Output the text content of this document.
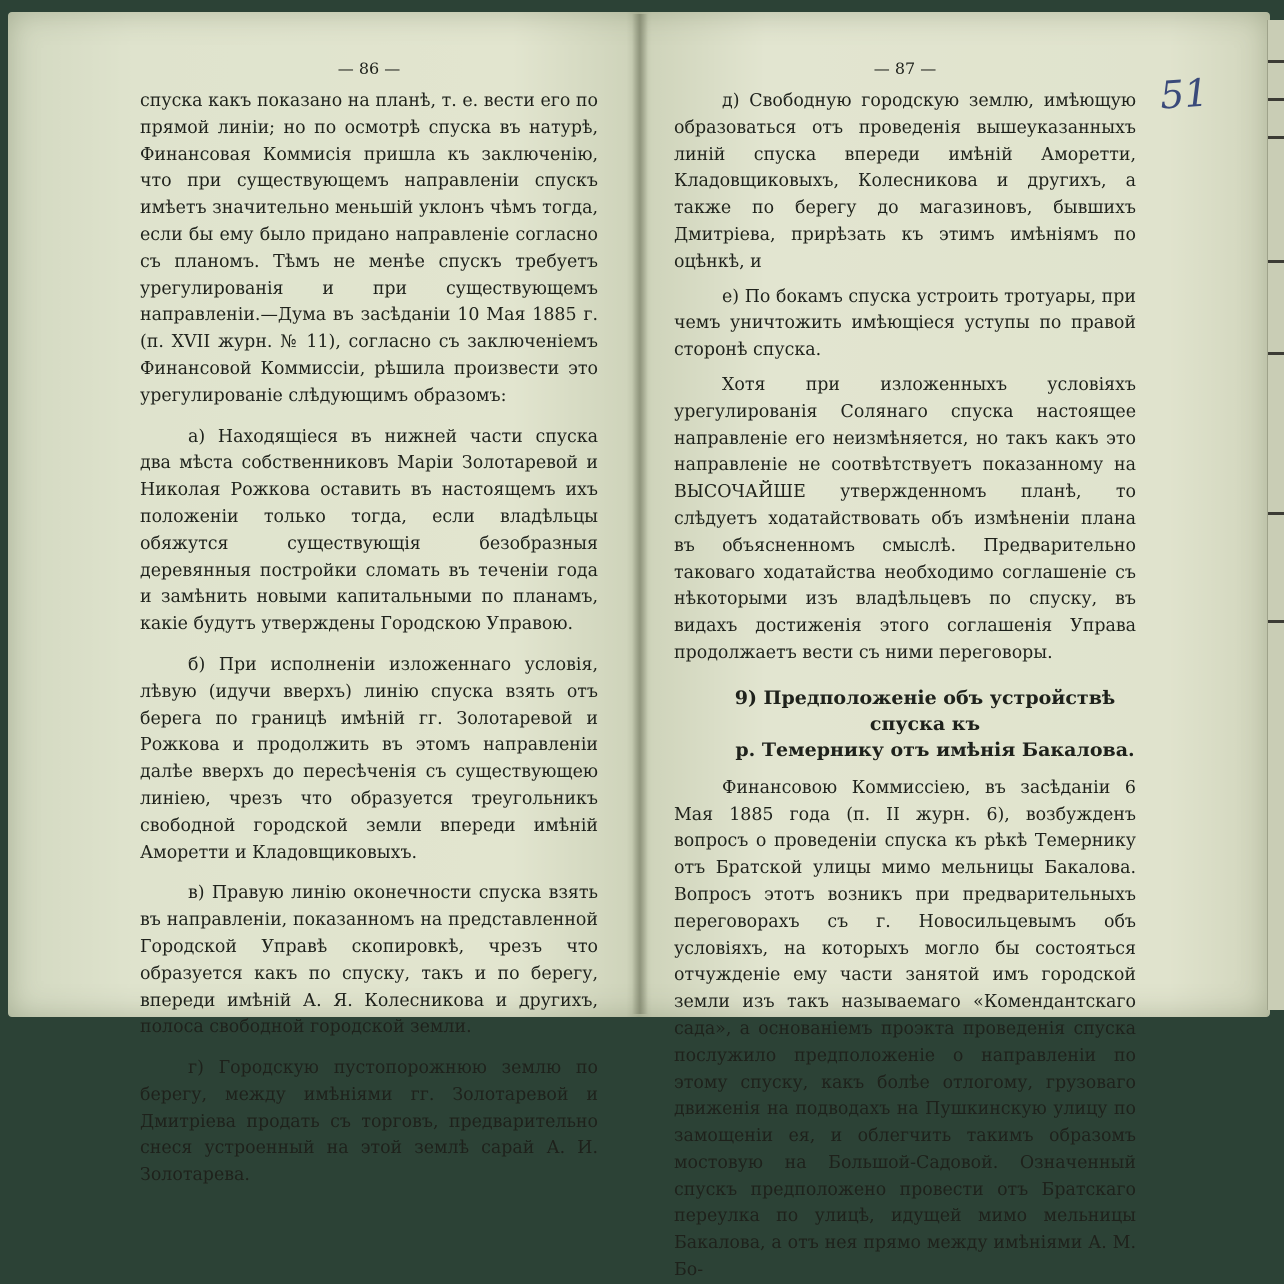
51
— 86 —

спуска какъ показано на планѣ, т. е. вести его по прямой линіи; но по осмотрѣ спуска въ натурѣ, Финансовая Коммисія пришла къ заключенію, что при существующемъ направленіи спускъ имѣетъ значительно меньшій уклонъ чѣмъ тогда, если бы ему было придано направленіе согласно съ планомъ. Тѣмъ не менѣе спускъ требуетъ урегулированія и при существующемъ направленіи.—Дума въ засѣданіи 10 Мая 1885 г. (п. XVII журн. № 11), согласно съ заключеніемъ Финансовой Коммиссіи, рѣшила произвести это урегулированіе слѣдующимъ образомъ:

а) Находящіеся въ нижней части спуска два мѣста собственниковъ Маріи Золотаревой и Николая Рожкова оставить въ настоящемъ ихъ положеніи только тогда, если владѣльцы обяжутся существующія безобразныя деревянныя постройки сломать въ теченіи года и замѣнить новыми капитальными по планамъ, какіе будутъ утверждены Городскою Управою.

б) При исполненіи изложеннаго условія, лѣвую (идучи вверхъ) линію спуска взять отъ берега по границѣ имѣній гг. Золотаревой и Рожкова и продолжить въ этомъ направленіи далѣе вверхъ до пересѣченія съ существующею линіею, чрезъ что образуется треугольникъ свободной городской земли впереди имѣній Аморетти и Кладовщиковыхъ.

в) Правую линію оконечности спуска взять въ направленіи, показанномъ на представленной Городской Управѣ скопировкѣ, чрезъ что образуется какъ по спуску, такъ и по берегу, впереди имѣній А. Я. Колесникова и другихъ, полоса свободной городской земли.

г) Городскую пустопорожнюю землю по берегу, между имѣніями гг. Золотаревой и Дмитріева продать съ торговъ, предварительно снеся устроенный на этой землѣ сарай А. И. Золотарева.

— 87 —

д) Свободную городскую землю, имѣющую образоваться отъ проведенія вышеуказанныхъ линій спуска впереди имѣній Аморетти, Кладовщиковыхъ, Колесникова и другихъ, а также по берегу до магазиновъ, бывшихъ Дмитріева, прирѣзать къ этимъ имѣніямъ по оцѣнкѣ, и

е) По бокамъ спуска устроить тротуары, при чемъ уничтожить имѣющіеся уступы по правой сторонѣ спуска.

Хотя при изложенныхъ условіяхъ урегулированія Солянаго спуска настоящее направленіе его неизмѣняется, но такъ какъ это направленіе не соотвѣтствуетъ показанному на ВЫСОЧАЙШЕ утвержденномъ планѣ, то слѣдуетъ ходатайствовать объ измѣненіи плана въ объясненномъ смыслѣ. Предварительно таковаго ходатайства необходимо соглашеніе съ нѣкоторыми изъ владѣльцевъ по спуску, въ видахъ достиженія этого соглашенія Управа продолжаетъ вести съ ними переговоры.

9) Предположеніе объ устройствѣ спуска къ

р. Темернику отъ имѣнія Бакалова.

Финансовою Коммиссіею, въ засѣданіи 6 Мая 1885 года (п. II журн. 6), возбужденъ вопросъ о проведеніи спуска къ рѣкѣ Темернику отъ Братской улицы мимо мельницы Бакалова. Вопросъ этотъ возникъ при предварительныхъ переговорахъ съ г. Новосильцевымъ объ условіяхъ, на которыхъ могло бы состояться отчужденіе ему части занятой имъ городской земли изъ такъ называемаго «Комендантскаго сада», а основаніемъ проэкта проведенія спуска послужило предположеніе о направленіи по этому спуску, какъ болѣе отлогому, грузоваго движенія на подводахъ на Пушкинскую улицу по замощеніи ея, и облегчить такимъ образомъ мостовую на Большой-Садовой. Означенный спускъ предположено провести отъ Братскаго переулка по улицѣ, идущей мимо мельницы Бакалова, а отъ нея прямо между имѣніями А. М. Бо-
